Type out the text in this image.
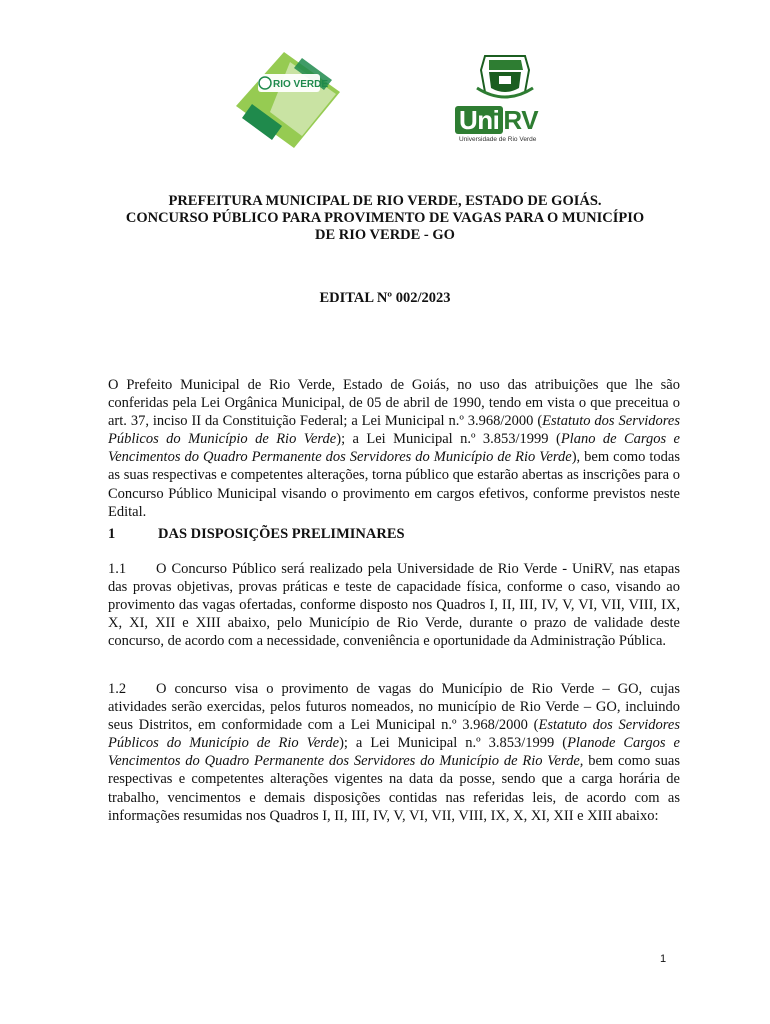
RIO VERDE
Uni RV
Universidade de Rio Verde
PREFEITURA MUNICIPAL DE RIO VERDE, ESTADO DE GOIÁS.
CONCURSO PÚBLICO PARA PROVIMENTO DE VAGAS PARA O MUNICÍPIO
DE RIO VERDE - GO
EDITAL Nº 002/2023
O Prefeito Municipal de Rio Verde, Estado de Goiás, no uso das atribuições que lhe são conferidas pela Lei Orgânica Municipal, de 05 de abril de 1990, tendo em vista o que preceitua o art. 37, inciso II da Constituição Federal; a Lei Municipal n.º 3.968/2000 (Estatuto dos Servidores Públicos do Município de Rio Verde); a Lei Municipal n.º 3.853/1999 (Plano de Cargos e Vencimentos do Quadro Permanente dos Servidores do Município de Rio Verde), bem como todas as suas respectivas e competentes alterações, torna público que estarão abertas as inscrições para o Concurso Público Municipal visando o provimento em cargos efetivos, conforme previstos neste Edital.
1	DAS DISPOSIÇÕES PRELIMINARES
1.1 O Concurso Público será realizado pela Universidade de Rio Verde - UniRV, nas etapas das provas objetivas, provas práticas e teste de capacidade física, conforme o caso, visando ao provimento das vagas ofertadas, conforme disposto nos Quadros I, II, III, IV, V, VI, VII, VIII, IX, X, XI, XII e XIII abaixo, pelo Município de Rio Verde, durante o prazo de validade deste concurso, de acordo com a necessidade, conveniência e oportunidade da Administração Pública.
1.2 O concurso visa o provimento de vagas do Município de Rio Verde – GO, cujas atividades serão exercidas, pelos futuros nomeados, no município de Rio Verde – GO, incluindo seus Distritos, em conformidade com a Lei Municipal n.º 3.968/2000 (Estatuto dos Servidores Públicos do Município de Rio Verde); a Lei Municipal n.º 3.853/1999 (Planode Cargos e Vencimentos do Quadro Permanente dos Servidores do Município de Rio Verde, bem como suas respectivas e competentes alterações vigentes na data da posse, sendo que a carga horária de trabalho, vencimentos e demais disposições contidas nas referidas leis, de acordo com as informações resumidas nos Quadros I, II, III, IV, V, VI, VII, VIII, IX, X, XI, XII e XIII abaixo:
1
